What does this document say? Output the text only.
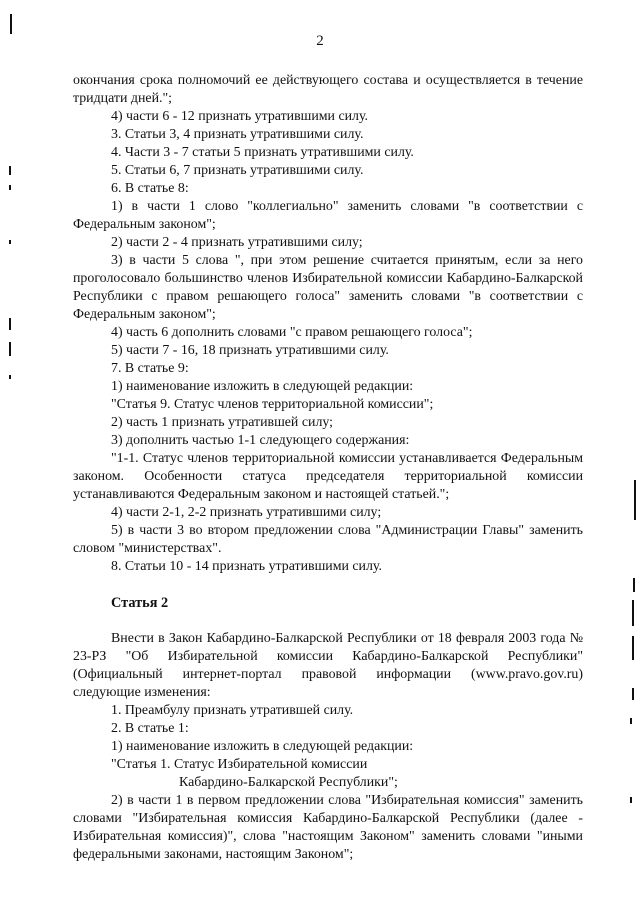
2

окончания срока полномочий ее действующего состава и осуществляется в течение тридцати дней.";

4) части 6 - 12 признать утратившими силу.

3. Статьи 3, 4 признать утратившими силу.

4. Части 3 - 7 статьи 5 признать утратившими силу.

5. Статьи 6, 7 признать утратившими силу.

6. В статье 8:

1) в части 1 слово "коллегиально" заменить словами "в соответствии с Федеральным законом";

2) части 2 - 4 признать утратившими силу;

3) в части 5 слова ", при этом решение считается принятым, если за него проголосовало большинство членов Избирательной комиссии Кабардино-Балкарской Республики с правом решающего голоса" заменить словами "в соответствии с Федеральным законом";

4) часть 6 дополнить словами "с правом решающего голоса";

5) части 7 - 16, 18 признать утратившими силу.

7. В статье 9:

1) наименование изложить в следующей редакции:

"Статья 9. Статус членов территориальной комиссии";

2) часть 1 признать утратившей силу;

3) дополнить частью 1-1 следующего содержания:

"1-1. Статус членов территориальной комиссии устанавливается Федеральным законом. Особенности статуса председателя территориальной комиссии устанавливаются Федеральным законом и настоящей статьей.";

4) части 2-1, 2-2 признать утратившими силу;

5) в части 3 во втором предложении слова "Администрации Главы" заменить словом "министерствах".

8. Статьи 10 - 14 признать утратившими силу.

Статья 2

Внести в Закон Кабардино-Балкарской Республики от 18 февраля 2003 года № 23-РЗ "Об Избирательной комиссии Кабардино-Балкарской Республики" (Официальный интернет-портал правовой информации (www.pravo.gov.ru) следующие изменения:

1. Преамбулу признать утратившей силу.

2. В статье 1:

1) наименование изложить в следующей редакции:

"Статья 1. Статус Избирательной комиссии

Кабардино-Балкарской Республики";

2) в части 1 в первом предложении слова "Избирательная комиссия" заменить словами "Избирательная комиссия Кабардино-Балкарской Республики (далее - Избирательная комиссия)", слова "настоящим Законом" заменить словами "иными федеральными законами, настоящим Законом";
